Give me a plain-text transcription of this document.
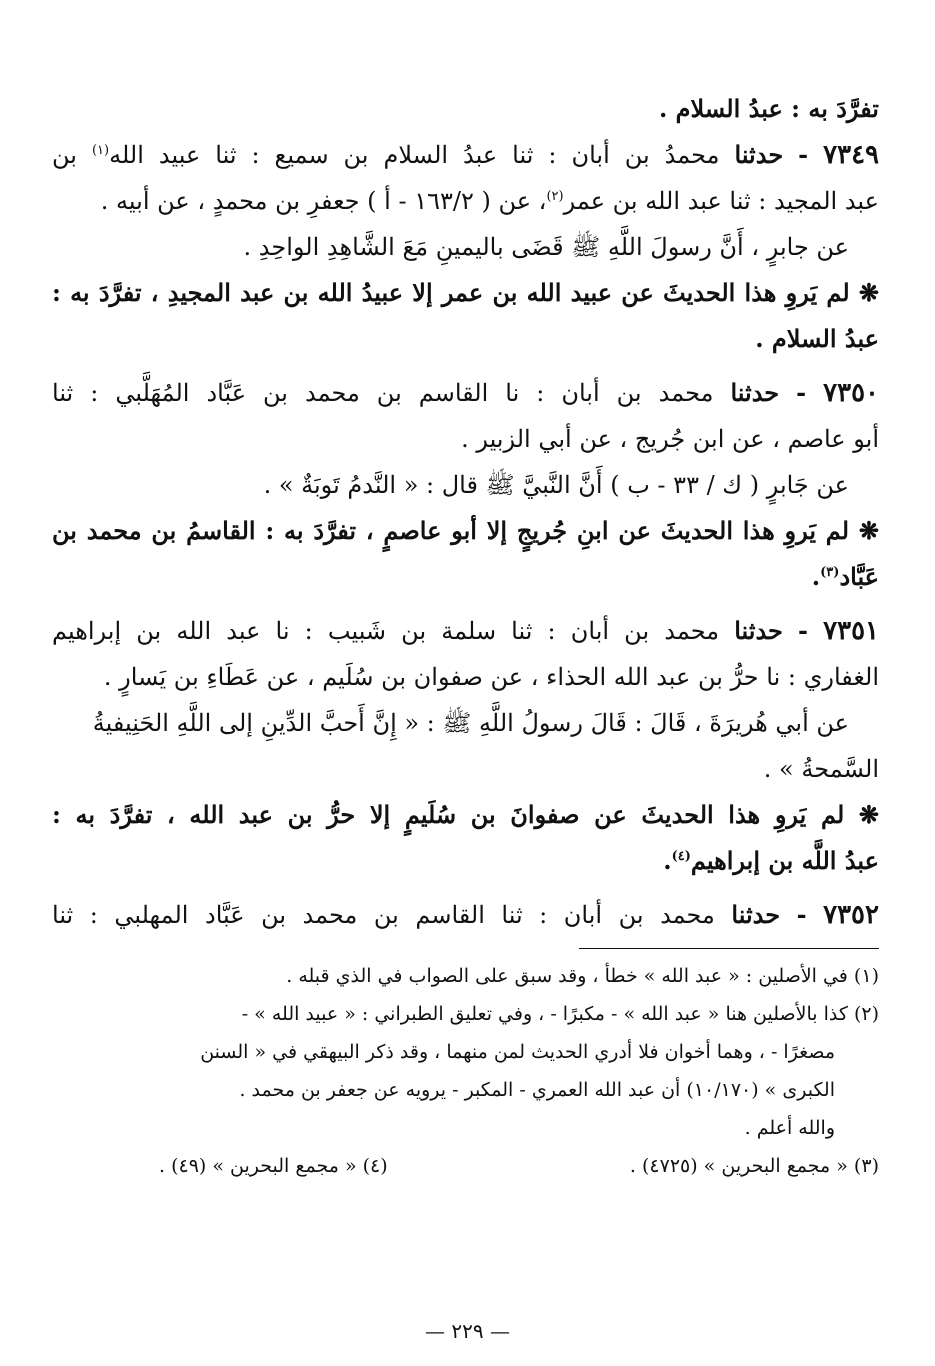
تفرَّدَ به : عبدُ السلام .
٧٣٤٩ - حدثنا محمدُ بن أبان : ثنا عبدُ السلام بن سميع : ثنا عبيد الله$^{(١)}$ بن
عبد المجيد : ثنا عبد الله بن عمر$^{(٢)}$، عن ( ١٦٣/٢ - أ ) جعفرِ بن محمدٍ ، عن أبيه .
عن جابرٍ ، أَنَّ رسولَ اللَّهِ ﷺ قَضَى باليمينِ مَعَ الشَّاهِدِ الواحِدِ .
❋ لم يَروِ هذا الحديثَ عن عبيد الله بن عمر إلا عبيدُ الله بن عبد المجيدِ ، تفرَّدَ به :
عبدُ السلام .
٧٣٥٠ - حدثنا محمد بن أبان : نا القاسم بن محمد بن عَبَّاد المُهَلَّبي : ثنا
أبو عاصم ، عن ابن جُريج ، عن أبي الزبير .
عن جَابرٍ ( ك / ٣٣ - ب ) أَنَّ النَّبيَّ ﷺ قال : « النَّدمُ تَوبَةٌ » .
❋ لم يَروِ هذا الحديثَ عن ابنِ جُريجٍ إلا أبو عاصمٍ ، تفرَّدَ به : القاسمُ بن محمد بن
عَبَّاد$^{(٣)}$.
٧٣٥١ - حدثنا محمد بن أبان : ثنا سلمة بن شَبيب : نا عبد الله بن إبراهيم
الغفاري : نا حرُّ بن عبد الله الحذاء ، عن صفوان بن سُلَيم ، عن عَطَاءِ بن يَسارٍ .
عن أبي هُريرَةَ ، قَالَ : قَالَ رسولُ اللَّهِ ﷺ : « إِنَّ أَحبَّ الدِّينِ إلى اللَّهِ الحَنِيفيةُ
السَّمحةُ » .
❋ لم يَروِ هذا الحديثَ عن صفوانَ بن سُلَيمٍ إلا حرُّ بن عبد الله ، تفرَّدَ به :
عبدُ اللَّه بن إبراهيم$^{(٤)}$.
٧٣٥٢ - حدثنا محمد بن أبان : ثنا القاسم بن محمد بن عَبَّاد المهلبي : ثنا
(١) في الأصلين : « عبد الله » خطأ ، وقد سبق على الصواب في الذي قبله .
(٢) كذا بالأصلين هنا « عبد الله » - مكبرًا - ، وفي تعليق الطبراني : « عبيد الله » -
مصغرًا - ، وهما أخوان فلا أدري الحديث لمن منهما ، وقد ذكر البيهقي في « السنن
الكبرى » (١٠/١٧٠) أن عبد الله العمري - المكبر - يرويه عن جعفر بن محمد .
والله أعلم .
(٣) « مجمع البحرين » (٤٧٢٥) .
(٤) « مجمع البحرين » (٤٩) .
— ٢٢٩ —
